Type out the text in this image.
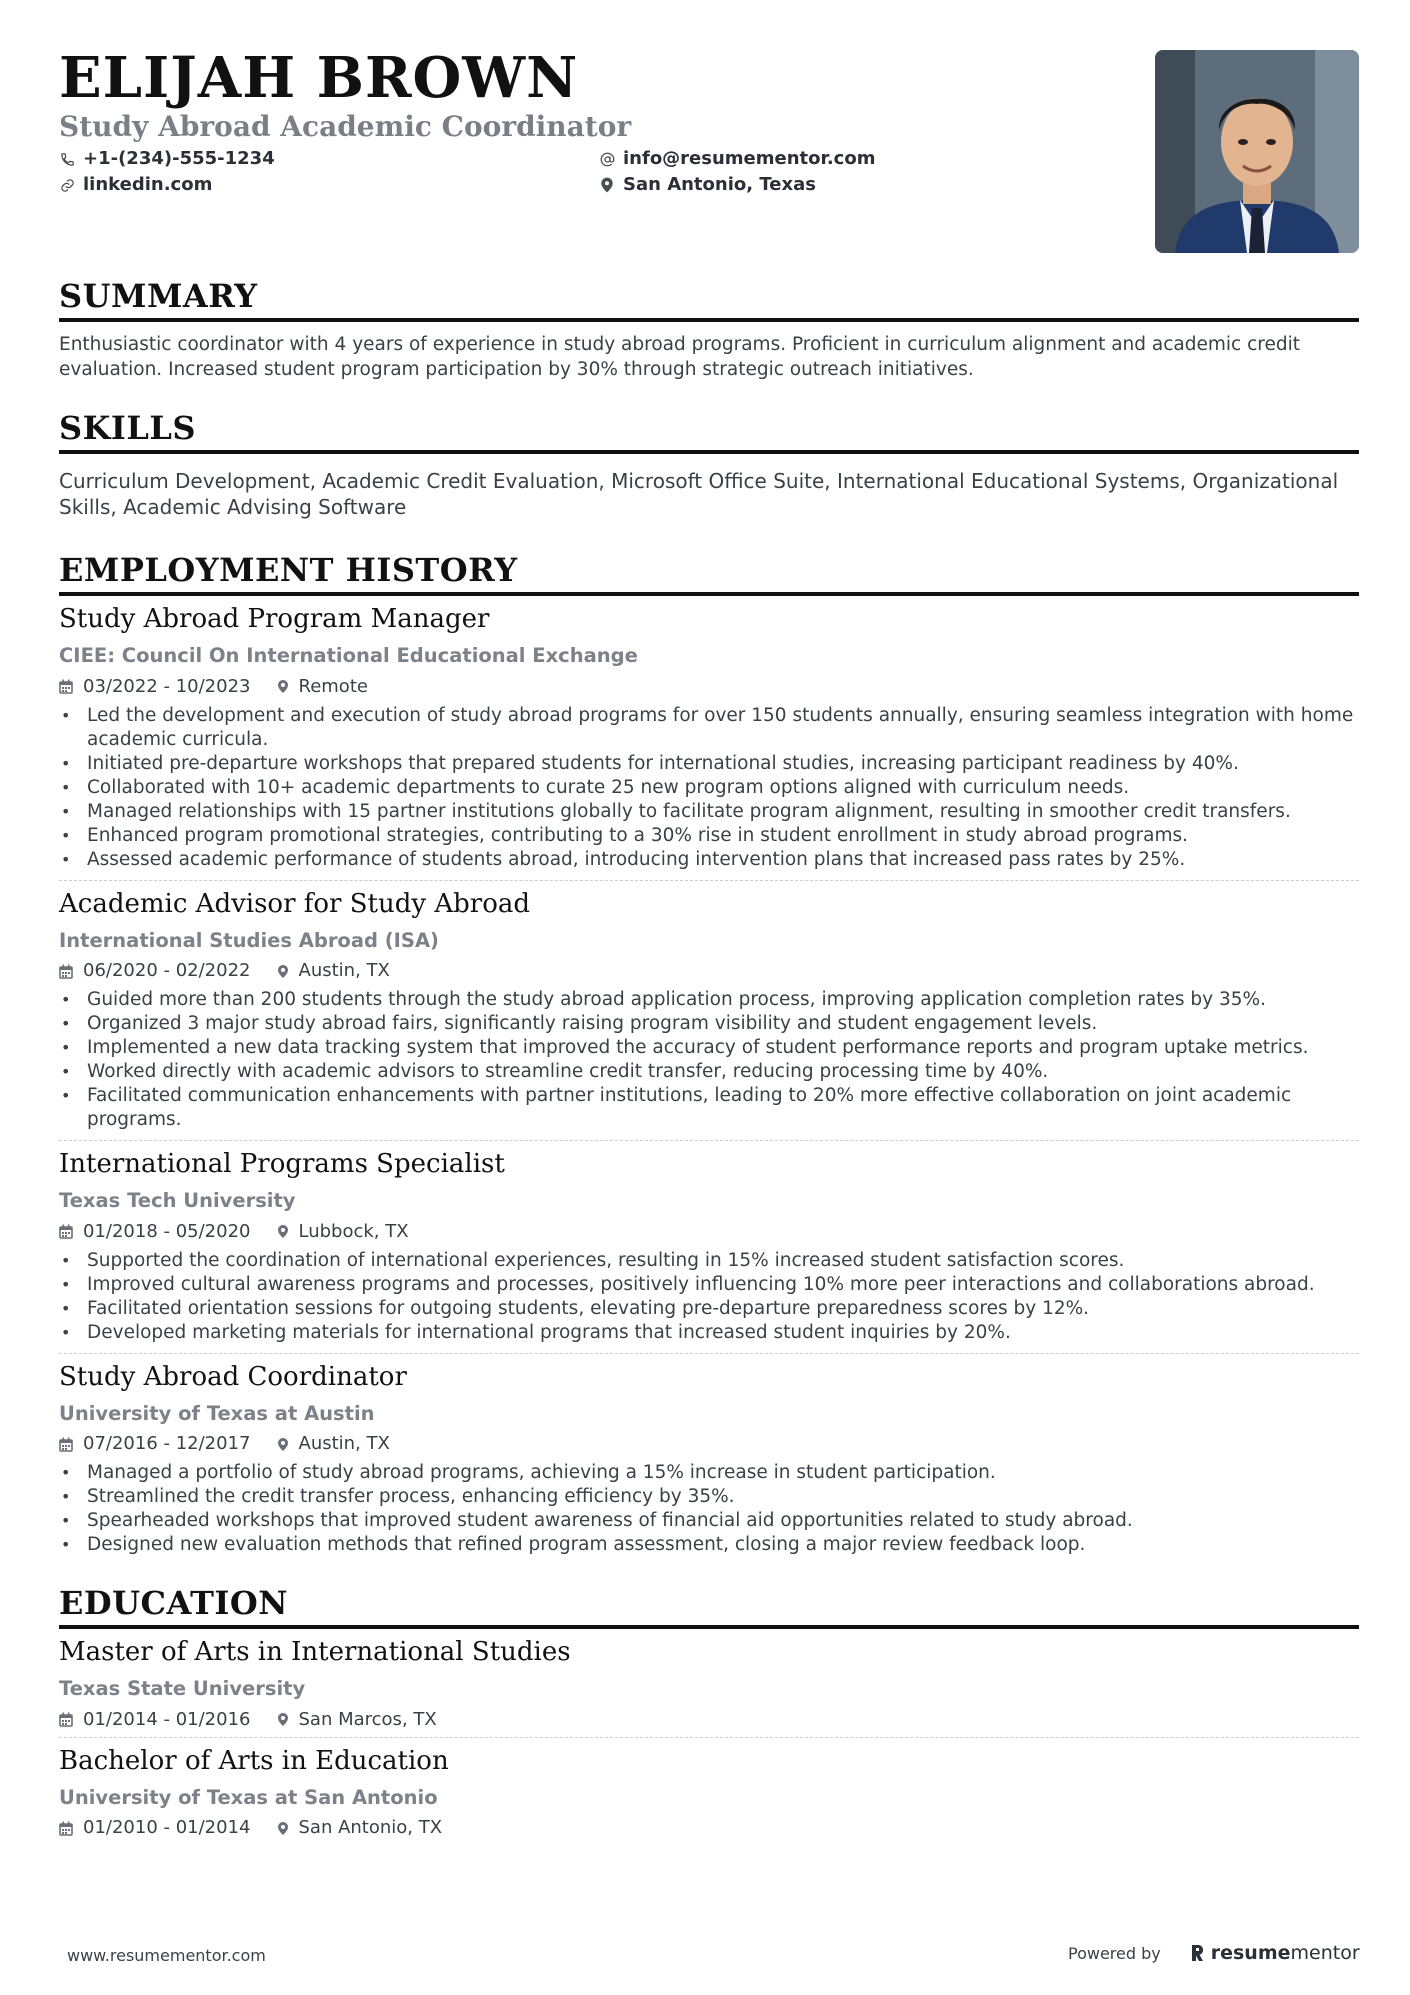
ELIJAH BROWN
Study Abroad Academic Coordinator
+1-(234)-555-1234
linkedin.com
info@resumementor.com
San Antonio, Texas
SUMMARY
Enthusiastic coordinator with 4 years of experience in study abroad programs. Proficient in curriculum alignment and academic credit evaluation. Increased student program participation by 30% through strategic outreach initiatives.
SKILLS
Curriculum Development, Academic Credit Evaluation, Microsoft Office Suite, International Educational Systems, Organizational Skills, Academic Advising Software
EMPLOYMENT HISTORY
Study Abroad Program Manager
CIEE: Council On International Educational Exchange
03/2022 - 10/2023	Remote
• Led the development and execution of study abroad programs for over 150 students annually, ensuring seamless integration with home academic curricula.
• Initiated pre-departure workshops that prepared students for international studies, increasing participant readiness by 40%.
• Collaborated with 10+ academic departments to curate 25 new program options aligned with curriculum needs.
• Managed relationships with 15 partner institutions globally to facilitate program alignment, resulting in smoother credit transfers.
• Enhanced program promotional strategies, contributing to a 30% rise in student enrollment in study abroad programs.
• Assessed academic performance of students abroad, introducing intervention plans that increased pass rates by 25%.
Academic Advisor for Study Abroad
International Studies Abroad (ISA)
06/2020 - 02/2022	Austin, TX
• Guided more than 200 students through the study abroad application process, improving application completion rates by 35%.
• Organized 3 major study abroad fairs, significantly raising program visibility and student engagement levels.
• Implemented a new data tracking system that improved the accuracy of student performance reports and program uptake metrics.
• Worked directly with academic advisors to streamline credit transfer, reducing processing time by 40%.
• Facilitated communication enhancements with partner institutions, leading to 20% more effective collaboration on joint academic programs.
International Programs Specialist
Texas Tech University
01/2018 - 05/2020	Lubbock, TX
• Supported the coordination of international experiences, resulting in 15% increased student satisfaction scores.
• Improved cultural awareness programs and processes, positively influencing 10% more peer interactions and collaborations abroad.
• Facilitated orientation sessions for outgoing students, elevating pre-departure preparedness scores by 12%.
• Developed marketing materials for international programs that increased student inquiries by 20%.
Study Abroad Coordinator
University of Texas at Austin
07/2016 - 12/2017	Austin, TX
• Managed a portfolio of study abroad programs, achieving a 15% increase in student participation.
• Streamlined the credit transfer process, enhancing efficiency by 35%.
• Spearheaded workshops that improved student awareness of financial aid opportunities related to study abroad.
• Designed new evaluation methods that refined program assessment, closing a major review feedback loop.
EDUCATION
Master of Arts in International Studies
Texas State University
01/2014 - 01/2016	San Marcos, TX
Bachelor of Arts in Education
University of Texas at San Antonio
01/2010 - 01/2014	San Antonio, TX
www.resumementor.com	Powered by	resumementor
